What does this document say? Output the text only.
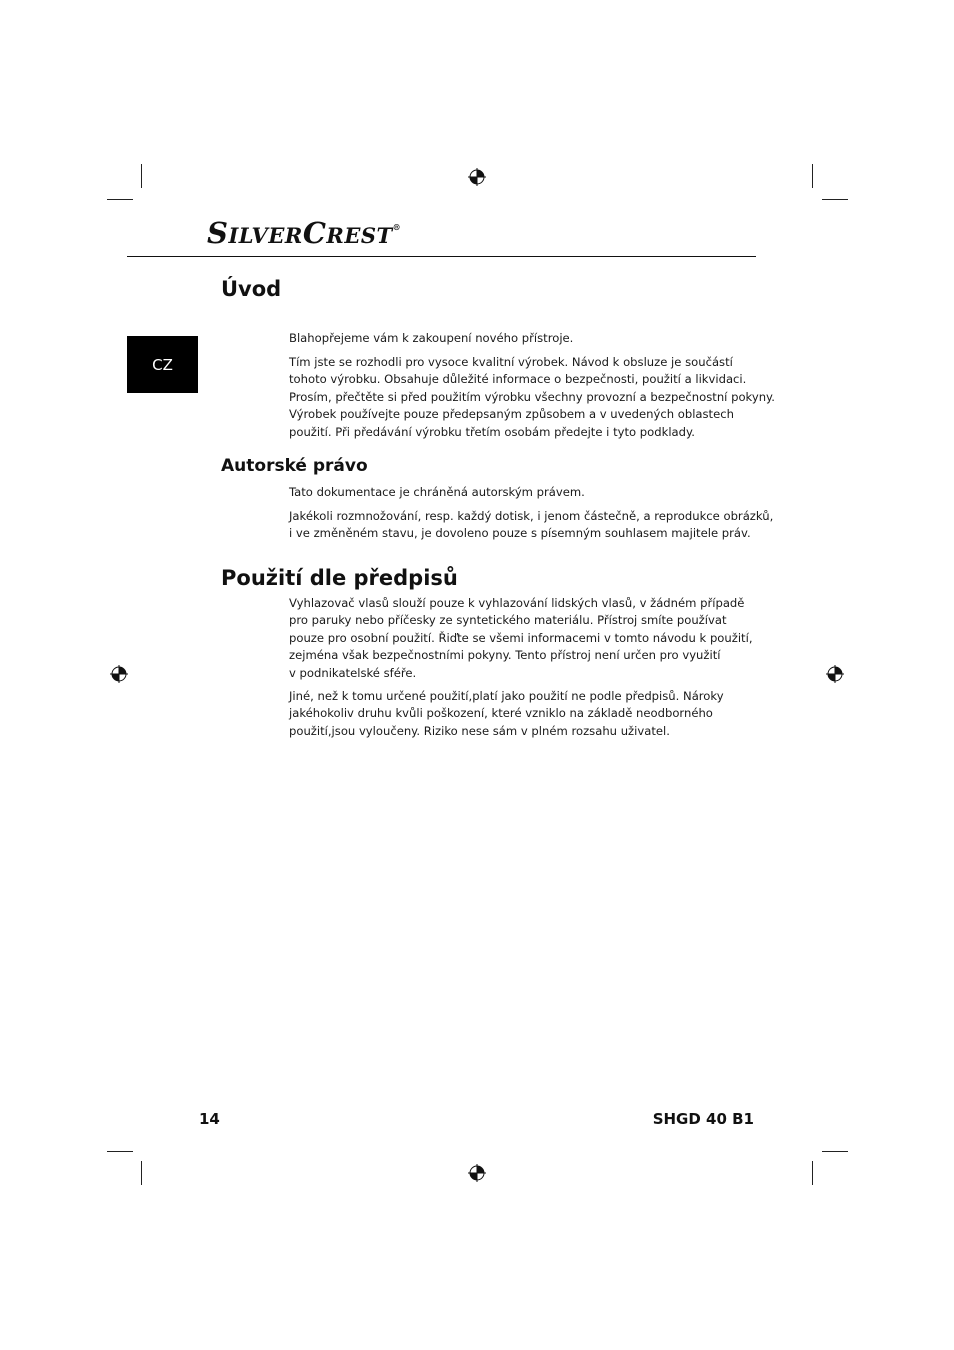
SILVERCREST®
CZ
Úvod
Blahopřejeme vám k zakoupení nového přístroje.
Tím jste se rozhodli pro vysoce kvalitní výrobek. Návod k obsluze je součástí
tohoto výrobku. Obsahuje důležité informace o bezpečnosti, použití a likvidaci.
Prosím, přečtěte si před použitím výrobku všechny provozní a bezpečnostní pokyny.
Výrobek používejte pouze předepsaným způsobem a v uvedených oblastech
použití. Při předávání výrobku třetím osobám předejte i tyto podklady.
Autorské právo
Tato dokumentace je chráněná autorským právem.
Jakékoli rozmnožování, resp. každý dotisk, i jenom částečně, a reprodukce obrázků,
i ve změněném stavu, je dovoleno pouze s písemným souhlasem majitele práv.
Použití dle předpisů
Vyhlazovač vlasů slouží pouze k vyhlazování lidských vlasů, v žádném případě
pro paruky nebo příčesky ze syntetického materiálu. Přístroj smíte používat
pouze pro osobní použití. Řiďte se všemi informacemi v tomto návodu k použití,
zejména však bezpečnostními pokyny. Tento přístroj není určen pro využití
v podnikatelské sféře.
Jiné, než k tomu určené použití,platí jako použití ne podle předpisů. Nároky
jakéhokoliv druhu kvůli poškození, které vzniklo na základě neodborného
použití,jsou vyloučeny. Riziko nese sám v plném rozsahu uživatel.
14	SHGD 40 B1
